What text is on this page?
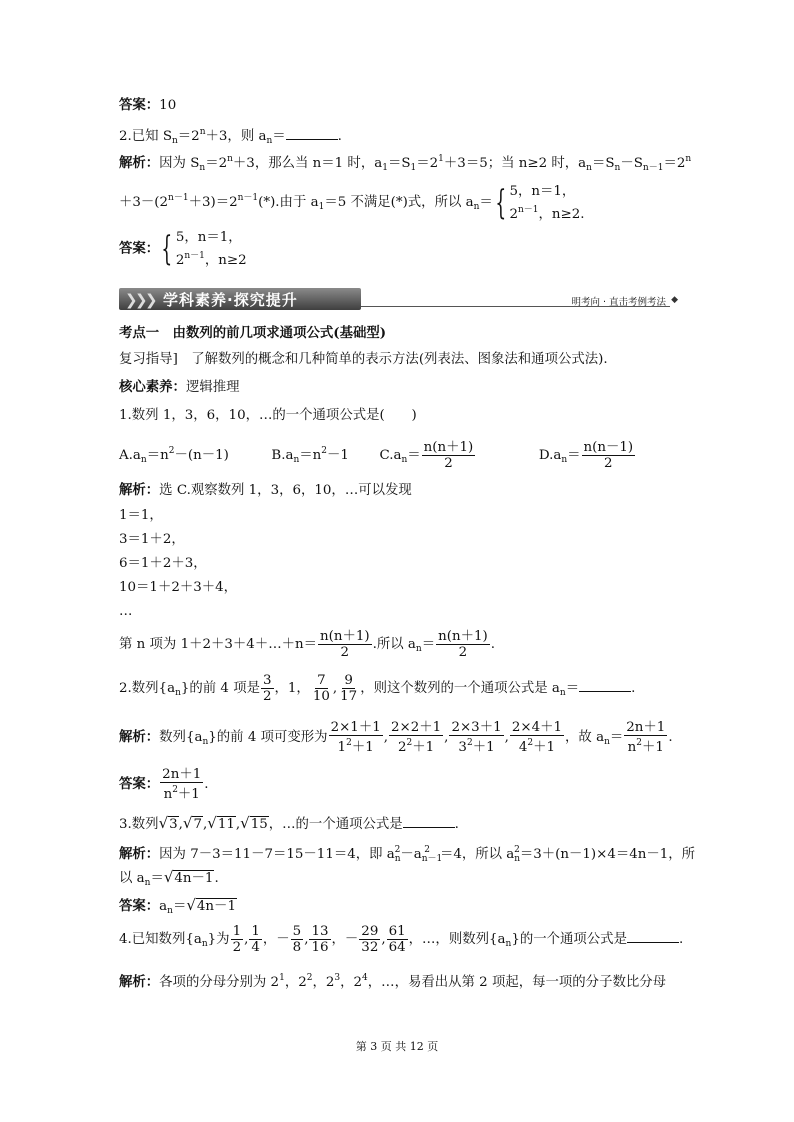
答案：10
2.已知 $S_n=2^n+3$，则 $a_n=$	.
解析：因为 $S_n=2^n+3$，那么当 n＝1 时，$a_1=S_1=2^1+3=5$；当 n≥2 时，$a_n=S_n-S_{n-1}=2^n$
$+3-(2^{n-1}+3)=2^{n-1}(*)$.由于 $a_1=5$ 不满足(*)式，所以 $a_n=${ 5，n＝1，
$2^{n-1}$，n≥2.
答案：{ 5，n＝1，
$2^{n-1}$，n≥2
❯
❯
❯ 学科素养·探究提升	明考向 · 直击考例考法 ◆
考点一　由数列的前几项求通项公式(基础型)
复习指导]　了解数列的概念和几种简单的表示方法(列表法、图象法和通项公式法).
核心素养：逻辑推理
1.数列 1，3，6，10，…的一个通项公式是(　　)
$A.a_n=n^2-(n-1)$	$B.a_n=n^2-1$ $C.a_n= \frac{n(n+1)}{2}$	$D.a_n= \frac{n(n-1)}{2}$
解析：选 C.观察数列 1，3，6，10，…可以发现
1＝1，
3＝1＋2，
6＝1＋2＋3，
10＝1＋2＋3＋4，
…
第 n 项为 1＋2＋3＋4＋…＋n＝ $\frac{n(n+1)}{2}$ .所以 $a_n= \frac{n(n+1)}{2}$ .
2.数列$\{a_n\}$的前 4 项是 $\frac{3}{2}$ ，1， $\frac{7}{10}$ , $\frac{9}{17}$ ，则这个数列的一个通项公式是 $a_n=$	.
解析：数列$\{a_n\}$的前 4 项可变形为 $\frac{2\times 1+1}{1^2+1}$ , $\frac{2\times 2+1}{2^2+1}$ , $\frac{2\times 3+1}{3^2+1}$ , $\frac{2\times 4+1}{4^2+1}$ ，故 $a_n= \frac{2n+1}{n^2+1}$ .
答案： $\frac{2n+1}{n^2+1}$ .
3.数列√3,√7,√11,√15，…的一个通项公式是	.
解析：因为 7－3＝11－7＝15－11＝4，即 $a_n^2-a_{n-1}^2 =4$，所以 $a_n^2=3+(n-1)\times 4=4n-1$，所
以 $a_n=√4n-1$.
答案：$a_n=√4n-1$
4.已知数列$\{a_n\}$为 $\frac{1}{2}$ , $\frac{1}{4}$ ，－ $\frac{5}{8}$ , $\frac{13}{16}$ ，－ $\frac{29}{32}$ , $\frac{61}{64}$ ，…，则数列$\{a_n\}$的一个通项公式是	.
解析：各项的分母分别为 $2^1$，$2^2$，$2^3$，$2^4$，…，易看出从第 2 项起，每一项的分子数比分母
第 3 页 共 12 页
